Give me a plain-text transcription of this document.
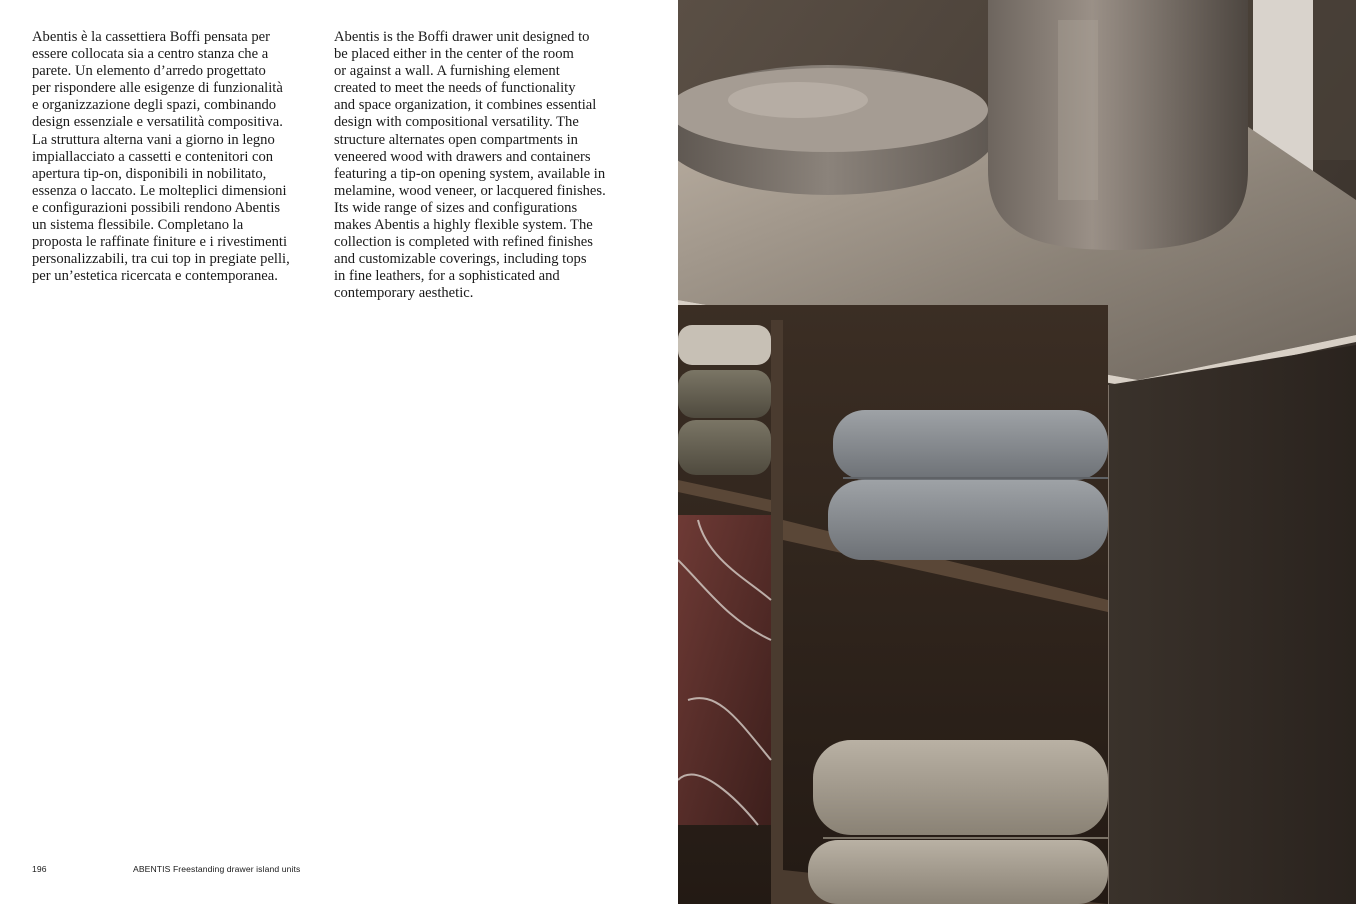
Abentis è la cassettiera Boffi pensata per
essere collocata sia a centro stanza che a
parete. Un elemento d’arredo progettato
per rispondere alle esigenze di funzionalità
e organizzazione degli spazi, combinando
design essenziale e versatilità compositiva.
La struttura alterna vani a giorno in legno
impiallacciato a cassetti e contenitori con
apertura tip-on, disponibili in nobilitato,
essenza o laccato. Le molteplici dimensioni
e configurazioni possibili rendono Abentis
un sistema flessibile. Completano la
proposta le raffinate finiture e i rivestimenti
personalizzabili, tra cui top in pregiate pelli,
per un’estetica ricercata e contemporanea.

Abentis is the Boffi drawer unit designed to
be placed either in the center of the room
or against a wall. A furnishing element
created to meet the needs of functionality
and space organization, it combines essential
design with compositional versatility. The
structure alternates open compartments in
veneered wood with drawers and containers
featuring a tip-on opening system, available in
melamine, wood veneer, or lacquered finishes.
Its wide range of sizes and configurations
makes Abentis a highly flexible system. The
collection is completed with refined finishes
and customizable coverings, including tops
in fine leathers, for a sophisticated and
contemporary aesthetic.

196	ABENTIS Freestanding drawer island units
